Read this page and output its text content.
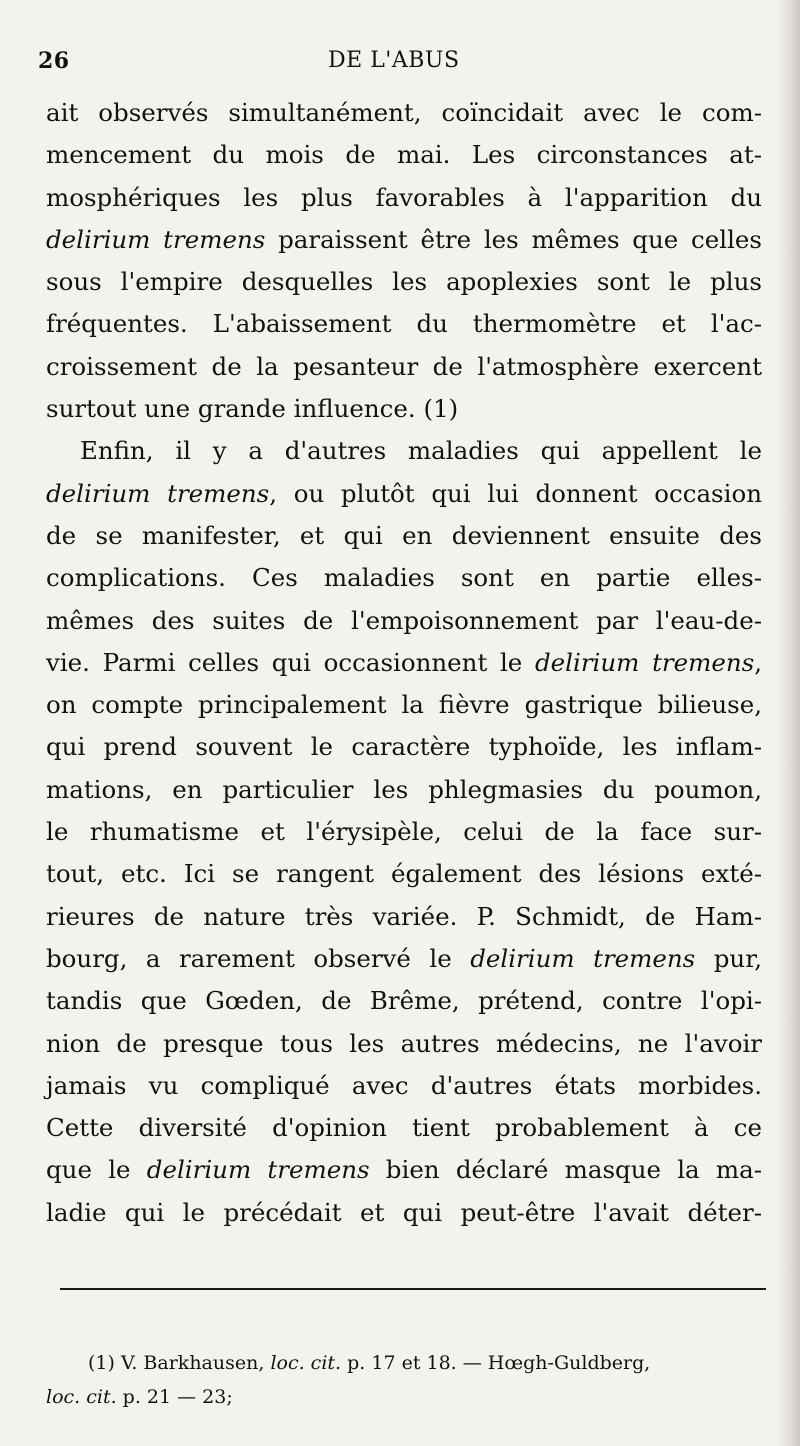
26	DE L'ABUS
ait observés simultanément, coïncidait avec le com-
mencement du mois de mai. Les circonstances at-
mosphériques les plus favorables à l'apparition du
delirium tremens paraissent être les mêmes que celles
sous l'empire desquelles les apoplexies sont le plus
fréquentes. L'abaissement du thermomètre et l'ac-
croissement de la pesanteur de l'atmosphère exercent
surtout une grande influence. (1)
Enfin, il y a d'autres maladies qui appellent le
delirium tremens, ou plutôt qui lui donnent occasion
de se manifester, et qui en deviennent ensuite des
complications. Ces maladies sont en partie elles-
mêmes des suites de l'empoisonnement par l'eau-de-
vie. Parmi celles qui occasionnent le delirium tremens,
on compte principalement la fièvre gastrique bilieuse,
qui prend souvent le caractère typhoïde, les inflam-
mations, en particulier les phlegmasies du poumon,
le rhumatisme et l'érysipèle, celui de la face sur-
tout, etc. Ici se rangent également des lésions exté-
rieures de nature très variée. P. Schmidt, de Ham-
bourg, a rarement observé le delirium tremens pur,
tandis que Gœden, de Brême, prétend, contre l'opi-
nion de presque tous les autres médecins, ne l'avoir
jamais vu compliqué avec d'autres états morbides.
Cette diversité d'opinion tient probablement à ce
que le delirium tremens bien déclaré masque la ma-
ladie qui le précédait et qui peut-être l'avait déter-
(1) V. Barkhausen, loc. cit. p. 17 et 18. — Hœgh-Guldberg,
loc. cit. p. 21 — 23;
